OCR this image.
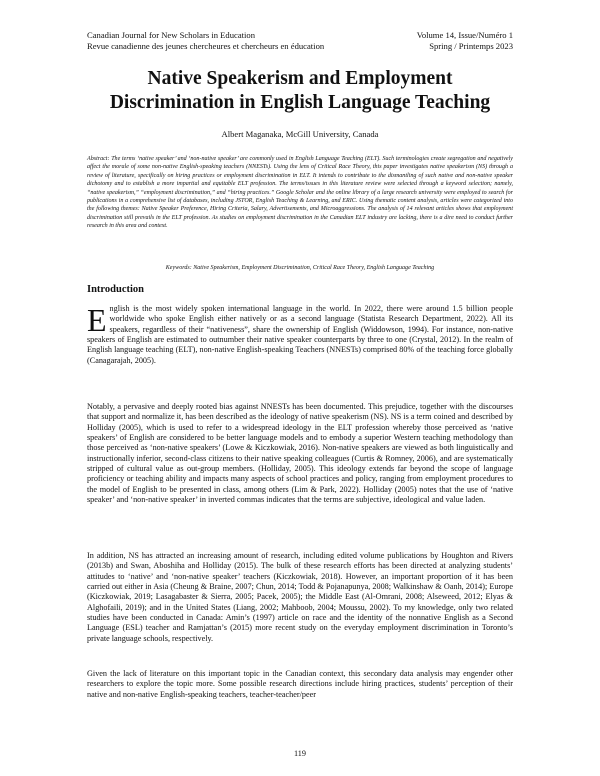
Canadian Journal for New Scholars in Education	Volume 14, Issue/Numéro 1
Revue canadienne des jeunes chercheures et chercheurs en éducation	Spring / Printemps 2023
Native Speakerism and Employment
Discrimination in English Language Teaching
Albert Maganaka, McGill University, Canada
Abstract: The terms ‘native speaker’ and ‘non-native speaker’ are commonly used in English Language Teaching (ELT). Such terminologies create segregation and negatively affect the morale of some non-native English-speaking teachers (NNESTs). Using the lens of Critical Race Theory, this paper investigates native speakerism (NS) through a review of literature, specifically on hiring practices or employment discrimination in ELT. It intends to contribute to the dismantling of such native and non-native speaker dichotomy and to establish a more impartial and equitable ELT profession. The terms/issues in this literature review were selected through a keyword selection; namely, “native speakerism,” “employment discrimination,” and “hiring practices.” Google Scholar and the online library of a large research university were employed to search for publications in a comprehensive list of databases, including JSTOR, English Teaching & Learning, and ERIC. Using thematic content analysis, articles were categorized into the following themes: Native Speaker Preference, Hiring Criteria, Salary, Advertisements, and Microaggressions. The analysis of 14 relevant articles shows that employment discrimination still prevails in the ELT profession. As studies on employment discrimination in the Canadian ELT industry are lacking, there is a dire need to conduct further research in this area and context.
Keywords: Native Speakerism, Employment Discrimination, Critical Race Theory, English Language Teaching
Introduction
English is the most widely spoken international language in the world. In 2022, there were around 1.5 billion people worldwide who spoke English either natively or as a second language (Statista Research Department, 2022). All its speakers, regardless of their “nativeness”, share the ownership of English (Widdowson, 1994). For instance, non-native speakers of English are estimated to outnumber their native speaker counterparts by three to one (Crystal, 2012). In the realm of English language teaching (ELT), non-native English-speaking Teachers (NNESTs) comprised 80% of the teaching force globally (Canagarajah, 2005).
Notably, a pervasive and deeply rooted bias against NNESTs has been documented. This prejudice, together with the discourses that support and normalize it, has been described as the ideology of native speakerism (NS). NS is a term coined and described by Holliday (2005), which is used to refer to a widespread ideology in the ELT profession whereby those perceived as ‘native speakers’ of English are considered to be better language models and to embody a superior Western teaching methodology than those perceived as ‘non-native speakers’ (Lowe & Kiczkowiak, 2016). Non-native speakers are viewed as both linguistically and instructionally inferior, second-class citizens to their native speaking colleagues (Curtis & Romney, 2006), and are systematically stripped of cultural value as out-group members. (Holliday, 2005). This ideology extends far beyond the scope of language proficiency or teaching ability and impacts many aspects of school practices and policy, ranging from employment procedures to the model of English to be presented in class, among others (Lim & Park, 2022). Holliday (2005) notes that the use of ‘native speaker’ and ‘non-native speaker’ in inverted commas indicates that the terms are subjective, ideological and value laden.
In addition, NS has attracted an increasing amount of research, including edited volume publications by Houghton and Rivers (2013b) and Swan, Aboshiha and Holliday (2015). The bulk of these research efforts has been directed at analyzing students’ attitudes to ‘native’ and ‘non-native speaker’ teachers (Kiczkowiak, 2018). However, an important proportion of it has been carried out either in Asia (Cheung & Braine, 2007; Chun, 2014; Todd & Pojanapunya, 2008; Walkinshaw & Oanh, 2014); Europe (Kiczkowiak, 2019; Lasagabaster & Sierra, 2005; Pacek, 2005); the Middle East (Al-Omrani, 2008; Alseweed, 2012; Elyas & Alghofaili, 2019); and in the United States (Liang, 2002; Mahboob, 2004; Moussu, 2002). To my knowledge, only two related studies have been conducted in Canada: Amin’s (1997) article on race and the identity of the nonnative English as a Second Language (ESL) teacher and Ramjattan’s (2015) more recent study on the everyday employment discrimination in Toronto’s private language schools, respectively.
Given the lack of literature on this important topic in the Canadian context, this secondary data analysis may engender other researchers to explore the topic more. Some possible research directions include hiring practices, students’ perception of their native and non-native English-speaking teachers, teacher-teacher/peer
119
